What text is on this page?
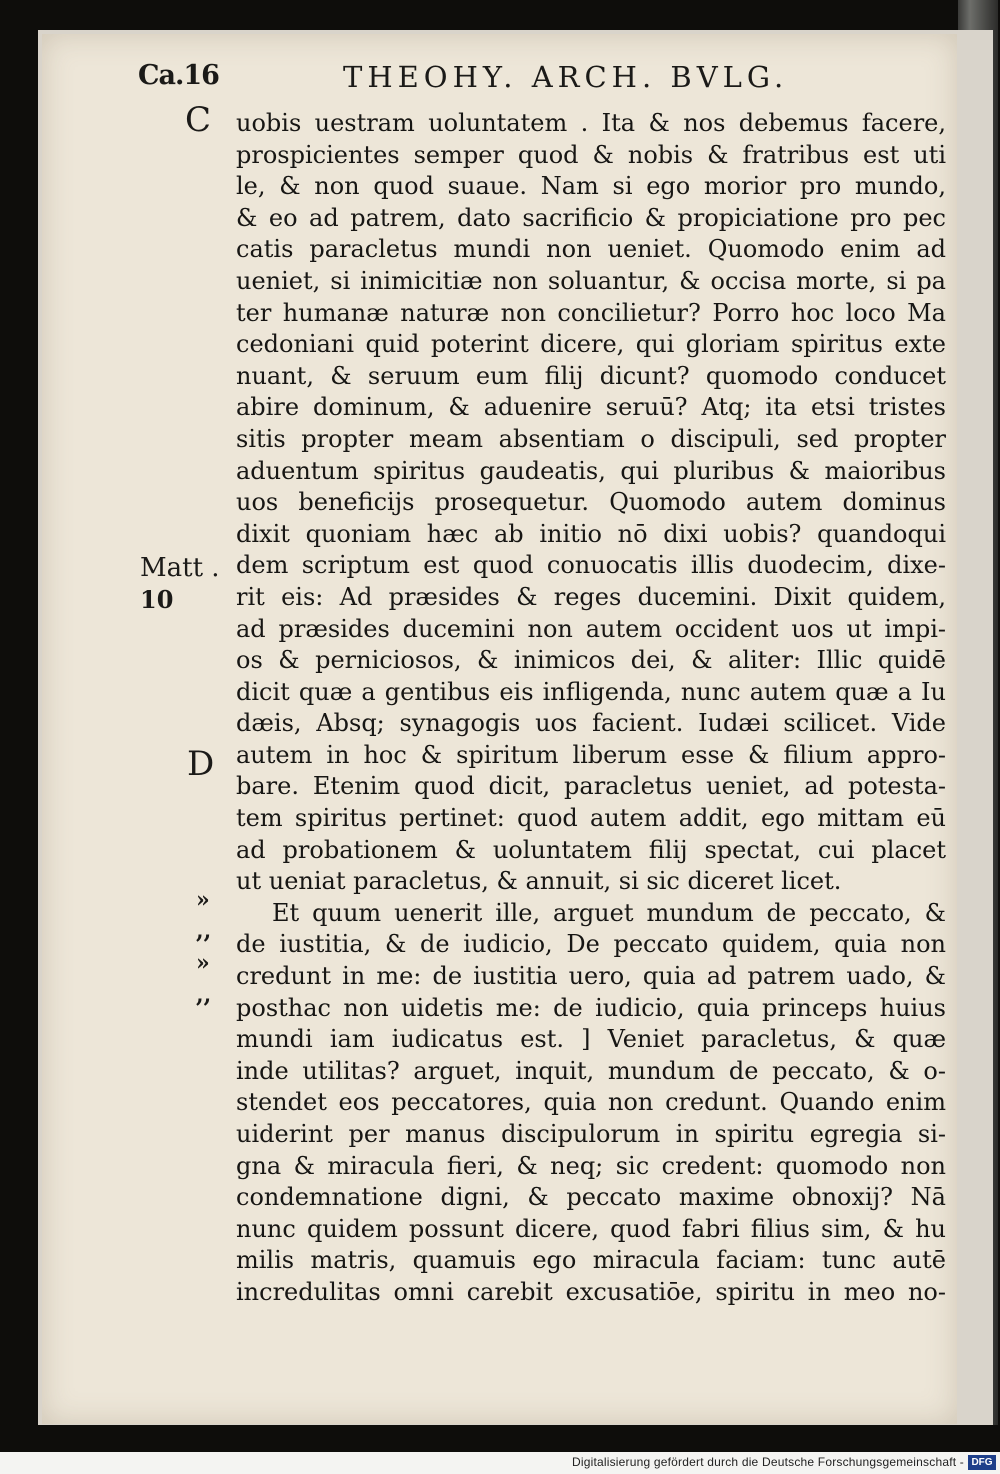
Ca.16	THEOHY. ARCH. BVLG.
C
Matt .
10
D
»
,,
»
,,
uobis uestram uoluntatem . Ita & nos debemus facere,
prospicientes semper quod & nobis & fratribus est uti
le, & non quod suaue. Nam si ego morior pro mundo,
& eo ad patrem, dato sacrificio & propiciatione pro pec
catis paracletus mundi non ueniet. Quomodo enim ad
ueniet, si inimicitiæ non soluantur, & occisa morte, si pa
ter humanæ naturæ non concilietur? Porro hoc loco Ma
cedoniani quid poterint dicere, qui gloriam spiritus exte
nuant, & seruum eum filij dicunt? quomodo conducet
abire dominum, & aduenire seruū? Atq; ita etsi tristes
sitis propter meam absentiam o discipuli, sed propter
aduentum spiritus gaudeatis, qui pluribus & maioribus
uos beneficijs prosequetur. Quomodo autem dominus
dixit quoniam hæc ab initio nō dixi uobis? quandoqui
dem scriptum est quod conuocatis illis duodecim, dixe-
rit eis: Ad præsides & reges ducemini. Dixit quidem,
ad præsides ducemini non autem occident uos ut impi-
os & perniciosos, & inimicos dei, & aliter: Illic quidē
dicit quæ a gentibus eis infligenda, nunc autem quæ a Iu
dæis, Absq; synagogis uos facient. Iudæi scilicet. Vide
autem in hoc & spiritum liberum esse & filium appro-
bare. Etenim quod dicit, paracletus ueniet, ad potesta-
tem spiritus pertinet: quod autem addit, ego mittam eū
ad probationem & uoluntatem filij spectat, cui placet
ut ueniat paracletus, & annuit, si sic diceret licet.
Et quum uenerit ille, arguet mundum de peccato, &
de iustitia, & de iudicio, De peccato quidem, quia non
credunt in me: de iustitia uero, quia ad patrem uado, &
posthac non uidetis me: de iudicio, quia princeps huius
mundi iam iudicatus est. ] Veniet paracletus, & quæ
inde utilitas? arguet, inquit, mundum de peccato, & o-
stendet eos peccatores, quia non credunt. Quando enim
uiderint per manus discipulorum in spiritu egregia si-
gna & miracula fieri, & neq; sic credent: quomodo non
condemnatione digni, & peccato maxime obnoxij? Nā
nunc quidem possunt dicere, quod fabri filius sim, & hu
milis matris, quamuis ego miracula faciam: tunc autē
incredulitas omni carebit excusatiōe, spiritu in meo no-
Digitalisierung gefördert durch die Deutsche Forschungsgemeinschaft - DFG
